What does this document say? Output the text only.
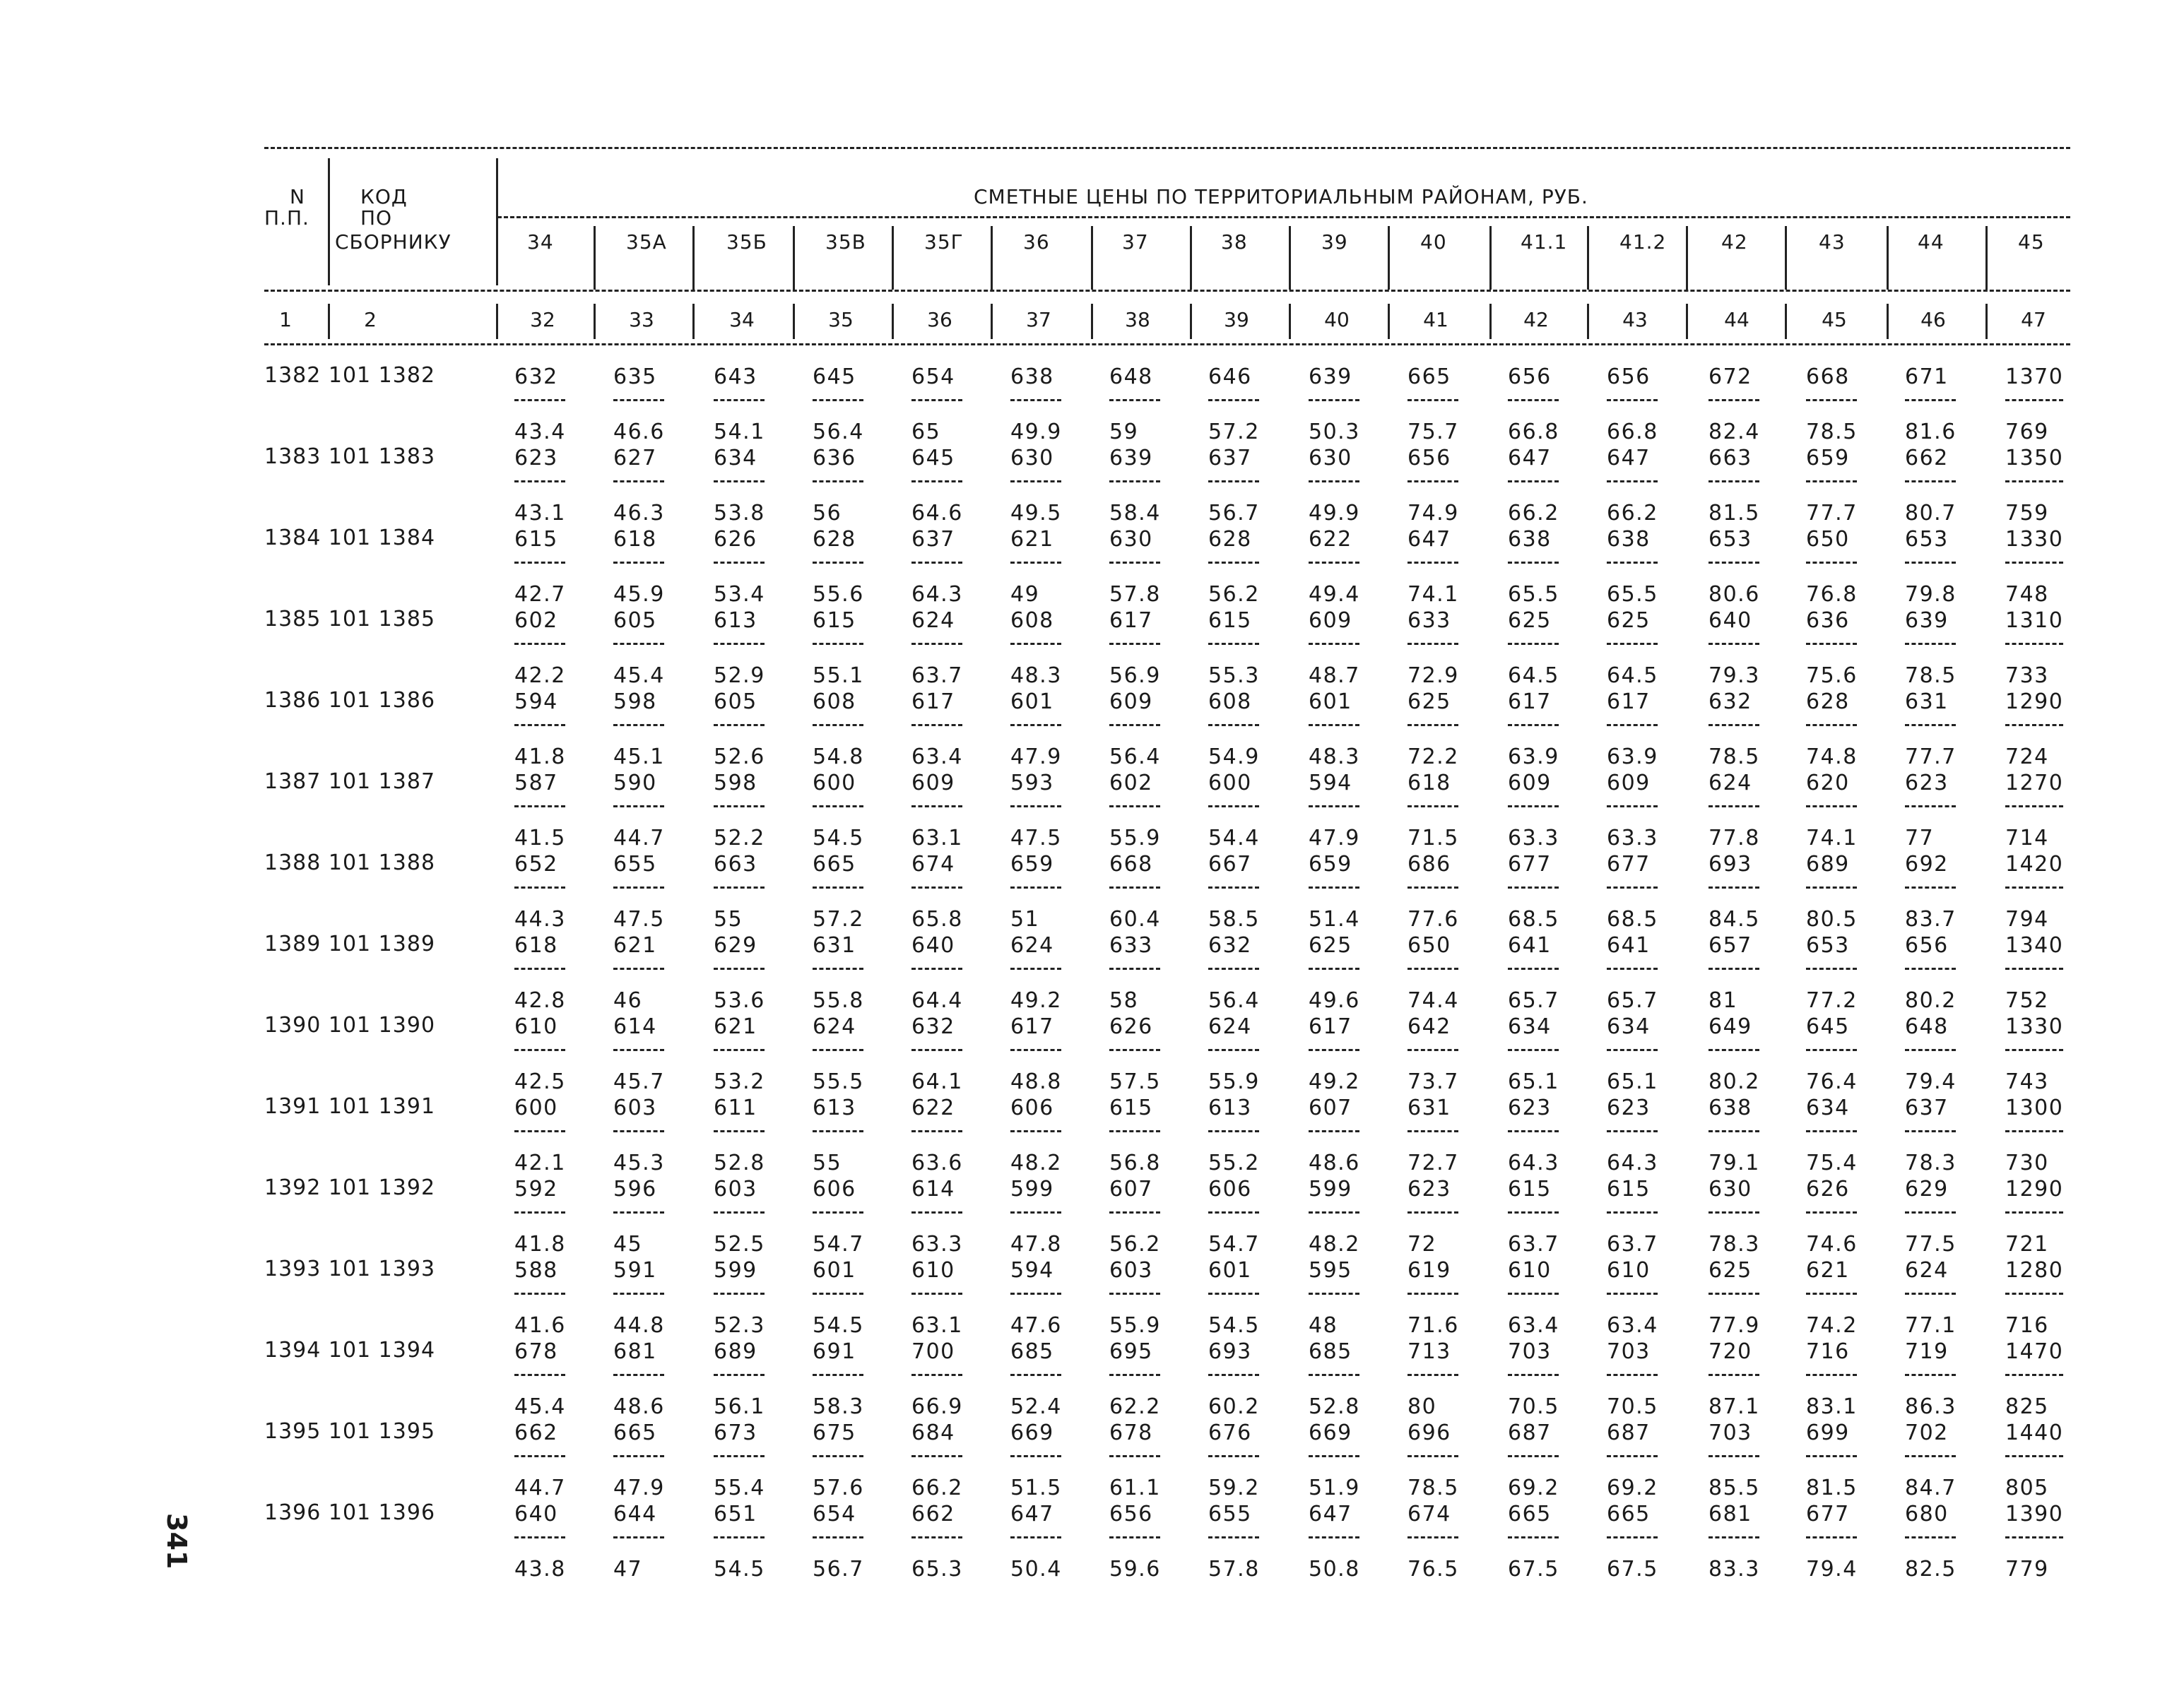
N
П.П.
КОД
ПО
СБОРНИКУ
СМЕТНЫЕ ЦЕНЫ ПО ТЕРРИТОРИАЛЬНЫМ РАЙОНАМ, РУБ.
34	35А	35Б	35В	35Г	36	37	38	39	40	41.1	41.2	42	43	44	45
1	2	32	33	34	35	36	37	38	39	40	41	42	43	44	45	46	47
1382 101 1382	632	635	643	645	654	638	648	646	639	665	656	656	672	668	671	1370
43.4 46.6 54.1 56.4 65	49.9 59	57.2 50.3 75.7 66.8 66.8 82.4 78.5 81.6 769
1383 101 1383	623	627	634	636	645	630	639	637	630	656	647	647	663	659	662	1350
43.1 46.3 53.8 56	64.6 49.5 58.4 56.7 49.9 74.9 66.2 66.2 81.5 77.7 80.7 759
1384 101 1384	615	618	626	628	637	621	630	628	622	647	638	638	653	650	653	1330
42.7 45.9 53.4 55.6 64.3 49	57.8 56.2 49.4 74.1 65.5 65.5 80.6 76.8 79.8 748
1385 101 1385	602	605	613	615	624	608	617	615	609	633	625	625	640	636	639	1310
42.2 45.4 52.9 55.1 63.7 48.3 56.9 55.3 48.7 72.9 64.5 64.5 79.3 75.6 78.5 733
1386 101 1386	594	598	605	608	617	601	609	608	601	625	617	617	632	628	631	1290
41.8 45.1 52.6 54.8 63.4 47.9 56.4 54.9 48.3 72.2 63.9 63.9 78.5 74.8 77.7 724
1387 101 1387	587	590	598	600	609	593	602	600	594	618	609	609	624	620	623	1270
41.5 44.7 52.2 54.5 63.1 47.5 55.9 54.4 47.9 71.5 63.3 63.3 77.8 74.1 77	714
1388 101 1388	652	655	663	665	674	659	668	667	659	686	677	677	693	689	692	1420
44.3 47.5 55	57.2 65.8 51	60.4 58.5 51.4 77.6 68.5 68.5 84.5 80.5 83.7 794
1389 101 1389	618	621	629	631	640	624	633	632	625	650	641	641	657	653	656	1340
42.8 46	53.6 55.8 64.4 49.2 58	56.4 49.6 74.4 65.7 65.7 81	77.2 80.2 752
1390 101 1390	610	614	621	624	632	617	626	624	617	642	634	634	649	645	648	1330
42.5 45.7 53.2 55.5 64.1 48.8 57.5 55.9 49.2 73.7 65.1 65.1 80.2 76.4 79.4 743
1391 101 1391	600	603	611	613	622	606	615	613	607	631	623	623	638	634	637	1300
42.1 45.3 52.8 55	63.6 48.2 56.8 55.2 48.6 72.7 64.3 64.3 79.1 75.4 78.3 730
1392 101 1392	592	596	603	606	614	599	607	606	599	623	615	615	630	626	629	1290
41.8 45	52.5 54.7 63.3 47.8 56.2 54.7 48.2 72	63.7 63.7 78.3 74.6 77.5 721
1393 101 1393	588	591	599	601	610	594	603	601	595	619	610	610	625	621	624	1280
41.6 44.8 52.3 54.5 63.1 47.6 55.9 54.5 48	71.6 63.4 63.4 77.9 74.2 77.1 716
1394 101 1394	678	681	689	691	700	685	695	693	685	713	703	703	720	716	719	1470
45.4 48.6 56.1 58.3 66.9 52.4 62.2 60.2 52.8 80	70.5 70.5 87.1 83.1 86.3 825
1395 101 1395	662	665	673	675	684	669	678	676	669	696	687	687	703	699	702	1440
44.7 47.9 55.4 57.6 66.2 51.5 61.1 59.2 51.9 78.5 69.2 69.2 85.5 81.5 84.7 805
1396 101 1396	640	644	651	654	662	647	656	655	647	674	665	665	681	677	680	1390
43.8 47	54.5 56.7 65.3 50.4 59.6 57.8 50.8 76.5 67.5 67.5 83.3 79.4 82.5 779
341
